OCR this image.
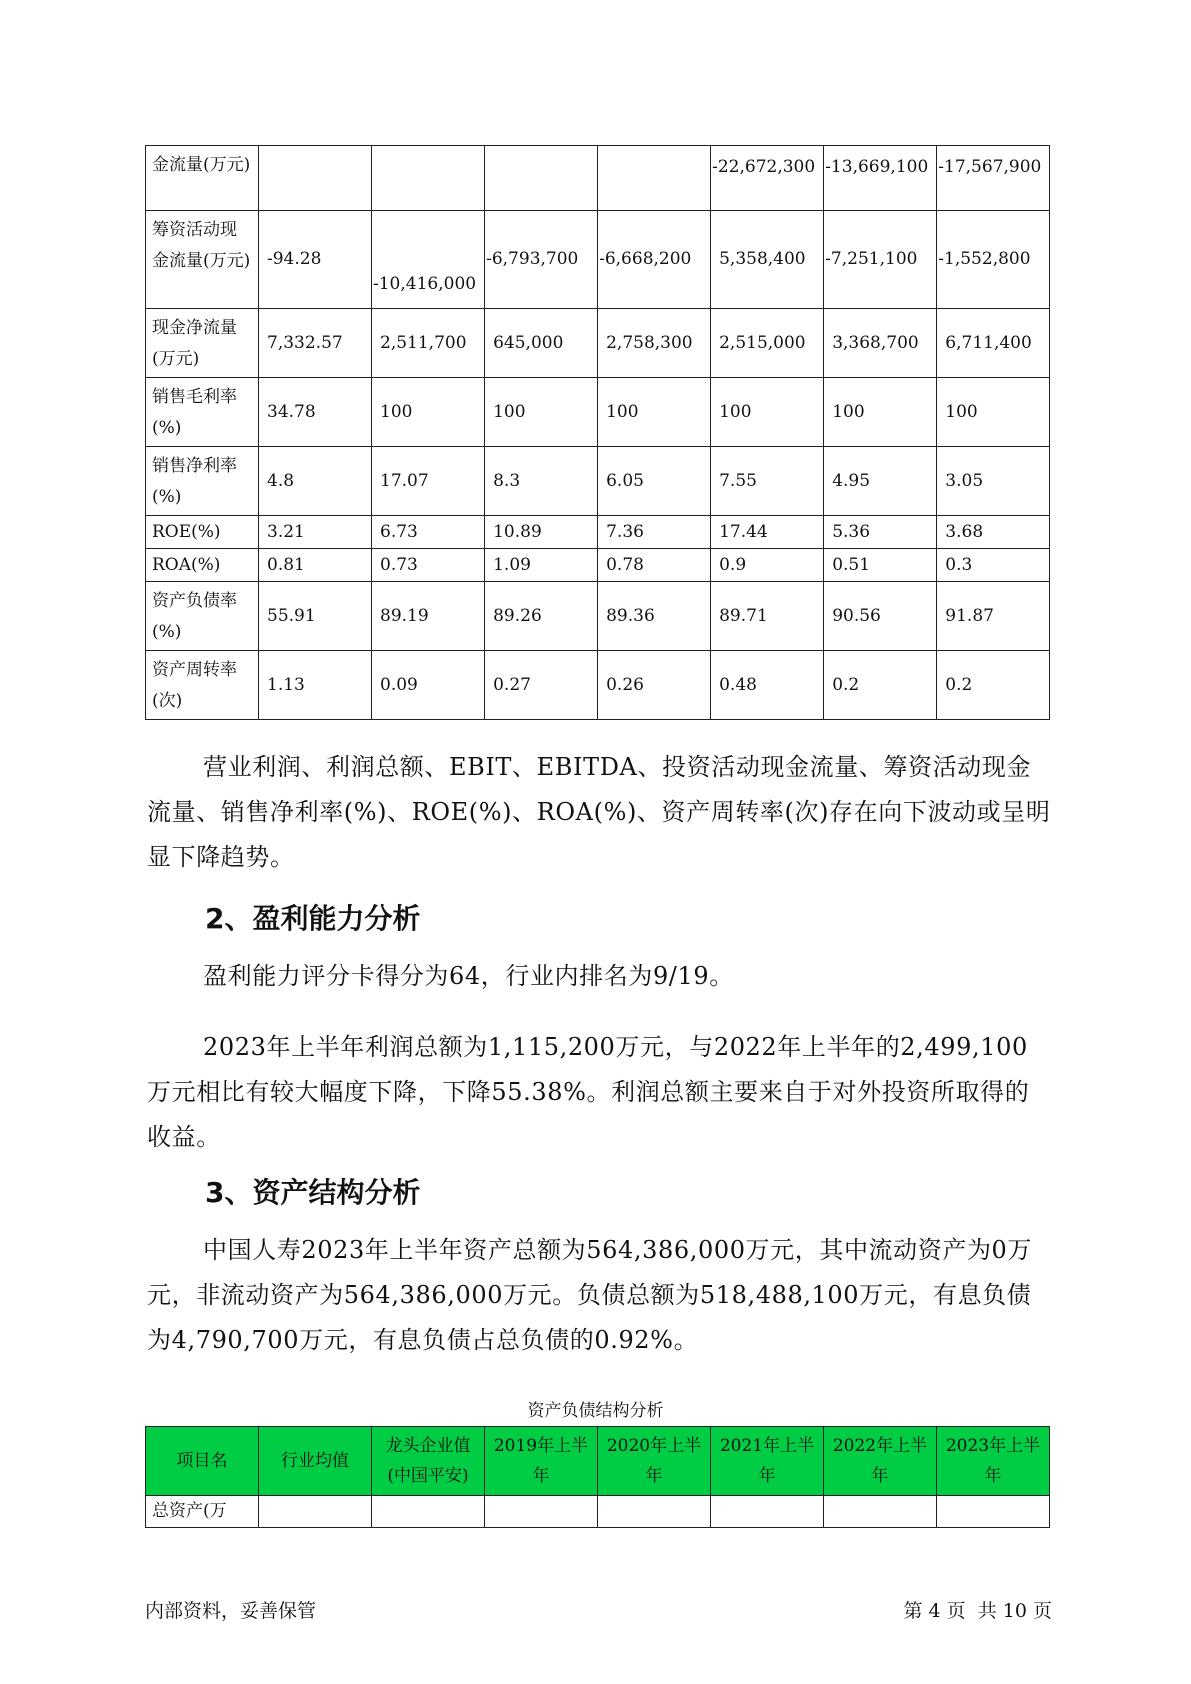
金流量(万元)					-22,672,300	-13,669,100	-17,567,900
筹资活动现金流量(万元)	-94.28	-10,416,000	-6,793,700	-6,668,200	5,358,400	-7,251,100	-1,552,800
现金净流量(万元)	7,332.57	2,511,700	645,000	2,758,300	2,515,000	3,368,700	6,711,400
销售毛利率(%)	34.78	100	100	100	100	100	100
销售净利率(%)	4.8	17.07	8.3	6.05	7.55	4.95	3.05
ROE(%)	3.21	6.73	10.89	7.36	17.44	5.36	3.68
ROA(%)	0.81	0.73	1.09	0.78	0.9	0.51	0.3
资产负债率(%)	55.91	89.19	89.26	89.36	89.71	90.56	91.87
资产周转率(次)	1.13	0.09	0.27	0.26	0.48	0.2	0.2

营业利润、利润总额、EBIT、EBITDA、投资活动现金流量、筹资活动现金流量、销售净利率(%)、ROE(%)、ROA(%)、资产周转率(次)存在向下波动或呈明显下降趋势。

2、盈利能力分析

盈利能力评分卡得分为64，行业内排名为9/19。

2023年上半年利润总额为1,115,200万元，与2022年上半年的2,499,100万元相比有较大幅度下降，下降55.38%。利润总额主要来自于对外投资所取得的收益。

3、资产结构分析

中国人寿2023年上半年资产总额为564,386,000万元，其中流动资产为0万元，非流动资产为564,386,000万元。负债总额为518,488,100万元，有息负债为4,790,700万元，有息负债占总负债的0.92%。

资产负债结构分析

项目名	行业均值	龙头企业值(中国平安)	2019年上半年	2020年上半年	2021年上半年	2022年上半年	2023年上半年
总资产(万							

内部资料，妥善保管	第 4 页  共 10 页
